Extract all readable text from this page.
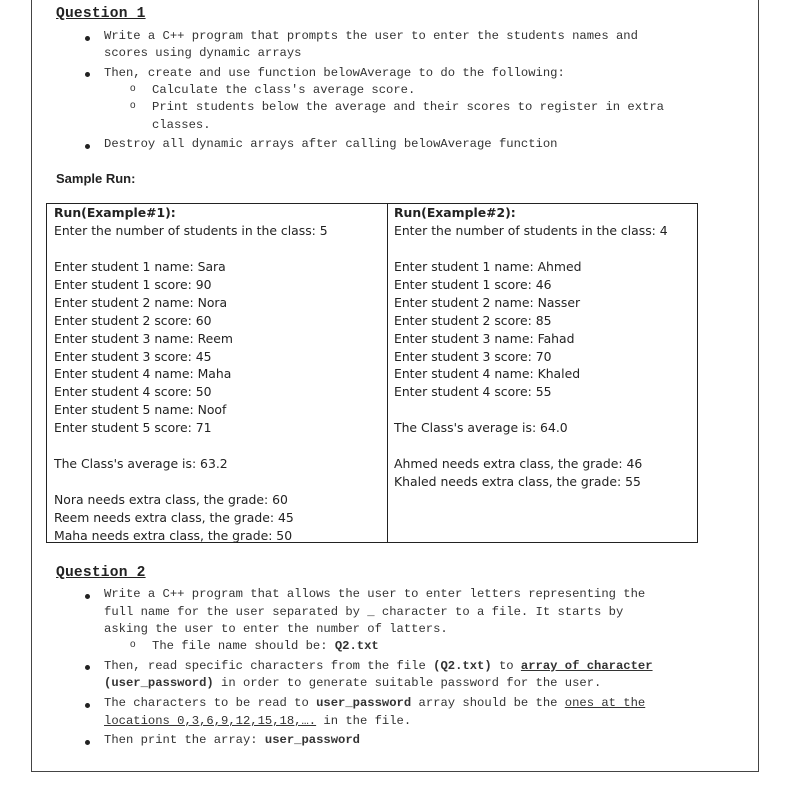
Question 1
Write a C++ program that prompts the user to enter the students names and
scores using dynamic arrays
Then, create and use function belowAverage to do the following:
o Calculate the class's average score.
o Print students below the average and their scores to register in extra
classes.
Destroy all dynamic arrays after calling belowAverage function
Sample Run:
Run(Example#1):
Enter the number of students in the class: 5
Enter student 1 name: Sara
Enter student 1 score: 90
Enter student 2 name: Nora
Enter student 2 score: 60
Enter student 3 name: Reem
Enter student 3 score: 45
Enter student 4 name: Maha
Enter student 4 score: 50
Enter student 5 name: Noof
Enter student 5 score: 71
The Class's average is: 63.2
Nora needs extra class, the grade: 60
Reem needs extra class, the grade: 45
Maha needs extra class, the grade: 50
Run(Example#2):
Enter the number of students in the class: 4
Enter student 1 name: Ahmed
Enter student 1 score: 46
Enter student 2 name: Nasser
Enter student 2 score: 85
Enter student 3 name: Fahad
Enter student 3 score: 70
Enter student 4 name: Khaled
Enter student 4 score: 55
The Class's average is: 64.0
Ahmed needs extra class, the grade: 46
Khaled needs extra class, the grade: 55
Question 2
Write a C++ program that allows the user to enter letters representing the
full name for the user separated by _ character to a file. It starts by
asking the user to enter the number of latters.
o The file name should be: Q2.txt
Then, read specific characters from the file (Q2.txt) to array of character
(user_password) in order to generate suitable password for the user.
The characters to be read to user_password array should be the ones at the
locations 0,3,6,9,12,15,18,…. in the file.
Then print the array: user_password
